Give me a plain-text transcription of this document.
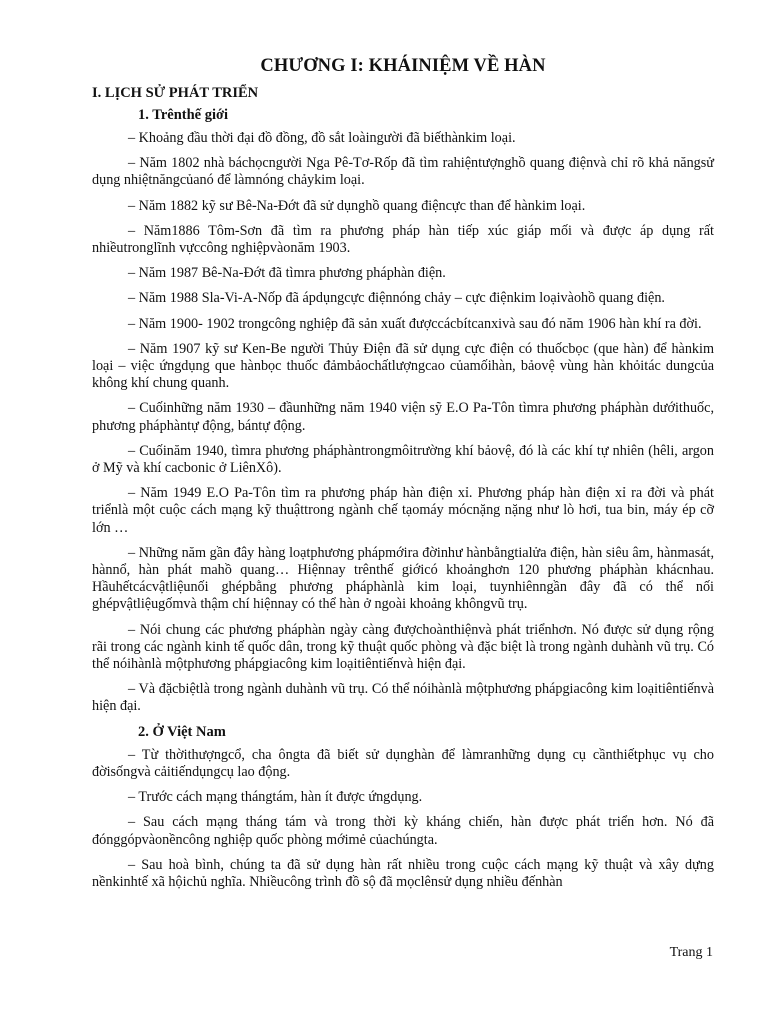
CHƯƠNG I: KHÁINIỆM VỀ HÀN
I. LỊCH SỬ PHÁT TRIỂN
1. Trênthế giới

– Khoảng đầu thời đại đồ đồng, đồ sắt loàingười đã biếthànkim loại.

– Năm 1802 nhà báchọcngười Nga Pê-Tơ-Rốp đã tìm rahiệntượnghồ quang điệnvà chỉ rõ khả năngsử dụng nhiệtnăngcủanó để làmnóng chảykim loại.

– Năm 1882 kỹ sư Bê-Na-Đớt đã sử dụnghồ quang điệncực than để hànkim loại.

– Năm1886 Tôm-Sơn đã tìm ra phương pháp hàn tiếp xúc giáp mối và được áp dụng rất nhiềutronglĩnh vựccông nghiệpvàonăm 1903.

– Năm 1987 Bê-Na-Đớt đã tìmra phương pháphàn điện.

– Năm 1988 Sla-Vi-A-Nốp đã ápdụngcực điệnnóng chảy – cực điệnkim loạivàohồ quang điện.

– Năm 1900- 1902 trongcông nghiệp đã sản xuất đượccácbítcanxivà sau đó năm 1906 hàn khí ra đời.

– Năm 1907 kỹ sư Ken-Be người Thủy Điện đã sử dụng cực điện có thuốcbọc (que hàn) để hànkim loại – việc ứngdụng que hànbọc thuốc đảmbảochấtlượngcao củamốihàn, bảovệ vùng hàn khỏitác dungcủa không khí chung quanh.

– Cuốinhững năm 1930 – đầunhững năm 1940 viện sỹ E.O Pa-Tôn tìmra phương pháphàn dướithuốc, phương pháphàntự động, bántự động.

– Cuốinăm 1940, tìmra phương pháphàntrongmôitrường khí bảovệ, đó là các khí tự nhiên (hêli, argon ở Mỹ và khí cacbonic ở LiênXô).

– Năm 1949 E.O Pa-Tôn tìm ra phương pháp hàn điện xỉ. Phương pháp hàn điện xỉ ra đời và phát triểnlà một cuộc cách mạng kỹ thuậttrong ngành chế tạomáy mócnặng nặng như lò hơi, tua bin, máy ép cỡ lớn …

– Những năm gần đây hàng loạtphương phápmớira đờinhư hànbằngtialửa điện, hàn siêu âm, hànmasát, hànnổ, hàn phát mahồ quang… Hiệnnay trênthế giớicó khoảnghơn 120 phương pháphàn khácnhau. Hầuhếtcácvậtliệunối ghépbằng phương pháphànlà kim loại, tuynhiênngần đây đã có thể nối ghépvậtliệugốmvà thậm chí hiệnnay có thể hàn ở ngoài khoảng khôngvũ trụ.

– Nói chung các phương pháphàn ngày càng đượchoànthiệnvà phát triểnhơn. Nó được sử dụng rộng rãi trong các ngành kinh tế quốc dân, trong kỹ thuật quốc phòng và đặc biệt là trong ngành duhành vũ trụ. Có thể nóihànlà mộtphương phápgiacông kim loạitiêntiếnvà hiện đại.

– Và đặcbiệtlà trong ngành duhành vũ trụ. Có thể nóihànlà mộtphương phápgiacông kim loạitiêntiếnvà hiện đại.

2. Ở Việt Nam

– Từ thờithượngcổ, cha ôngta đã biết sử dụnghàn để làmranhững dụng cụ cầnthiếtphục vụ cho đờisốngvà cảitiếndụngcụ lao động.

– Trước cách mạng thángtám, hàn ít được ứngdụng.

– Sau cách mạng tháng tám và trong thời kỳ kháng chiến, hàn được phát triển hơn. Nó đã đónggópvàonềncông nghiệp quốc phòng mớimẻ củachúngta.

– Sau hoà bình, chúng ta đã sử dụng hàn rất nhiều trong cuộc cách mạng kỹ thuật và xây dựng nềnkinhtế xã hộichủ nghĩa. Nhiềucông trình đồ sộ đã mọclênsử dụng nhiều đếnhàn

Trang 1
